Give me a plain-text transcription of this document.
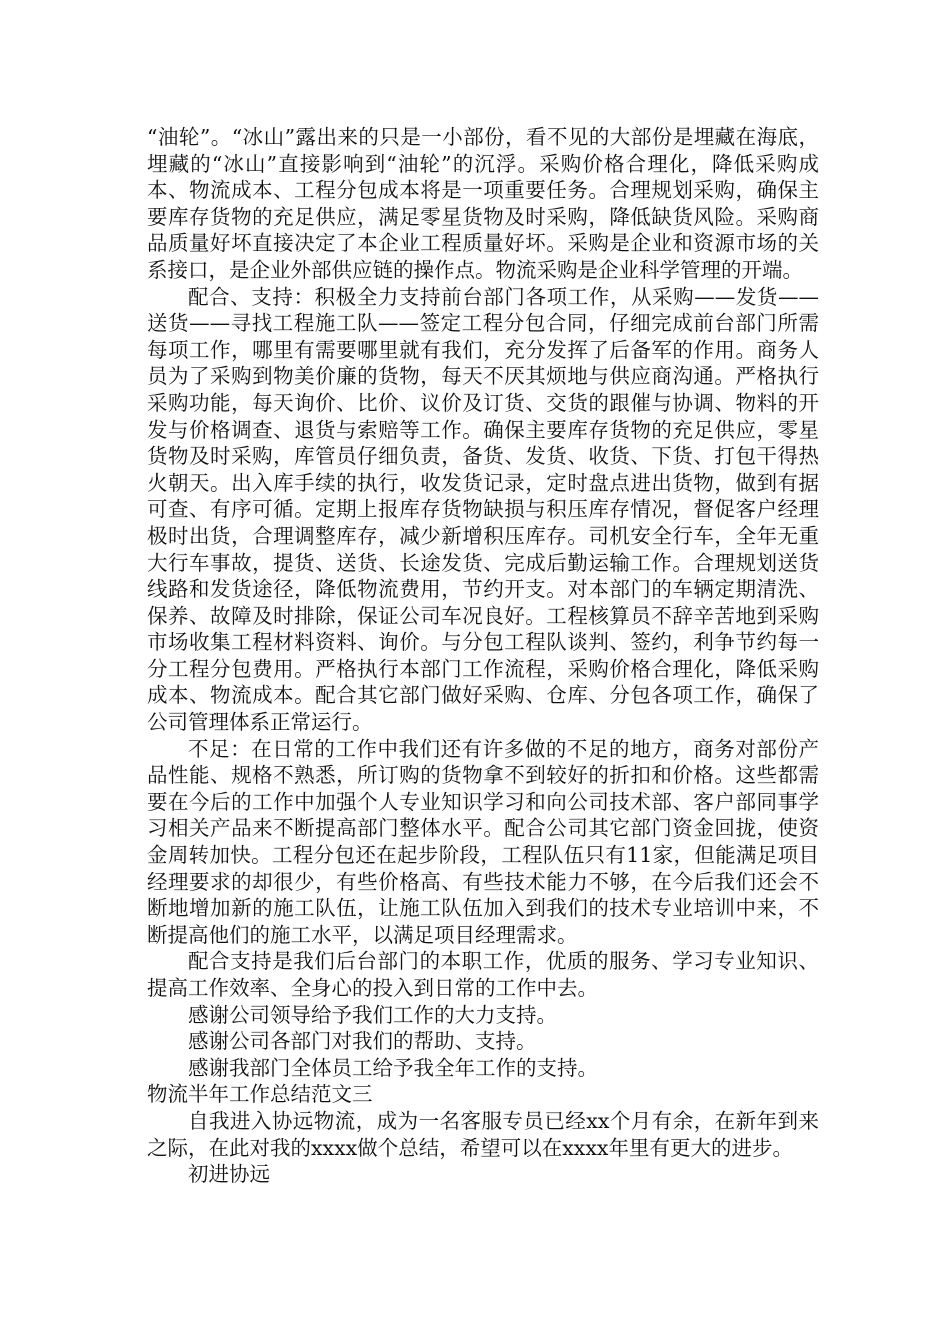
“油轮”。“冰山”露出来的只是一小部份，看不见的大部份是埋藏在海底，埋藏的“冰山”直接影响到“油轮”的沉浮。采购价格合理化，降低采购成本、物流成本、工程分包成本将是一项重要任务。合理规划采购，确保主要库存货物的充足供应，满足零星货物及时采购，降低缺货风险。采购商品质量好坏直接决定了本企业工程质量好坏。采购是企业和资源市场的关系接口，是企业外部供应链的操作点。物流采购是企业科学管理的开端。

配合、支持：积极全力支持前台部门各项工作，从采购——发货——送货——寻找工程施工队——签定工程分包合同，仔细完成前台部门所需每项工作，哪里有需要哪里就有我们，充分发挥了后备军的作用。商务人员为了采购到物美价廉的货物，每天不厌其烦地与供应商沟通。严格执行采购功能，每天询价、比价、议价及订货、交货的跟催与协调、物料的开发与价格调查、退货与索赔等工作。确保主要库存货物的充足供应，零星货物及时采购，库管员仔细负责，备货、发货、收货、下货、打包干得热火朝天。出入库手续的执行，收发货记录，定时盘点进出货物，做到有据可查、有序可循。定期上报库存货物缺损与积压库存情况，督促客户经理极时出货，合理调整库存，减少新增积压库存。司机安全行车，全年无重大行车事故，提货、送货、长途发货、完成后勤运输工作。合理规划送货线路和发货途径，降低物流费用，节约开支。对本部门的车辆定期清洗、保养、故障及时排除，保证公司车况良好。工程核算员不辞辛苦地到采购市场收集工程材料资料、询价。与分包工程队谈判、签约，利争节约每一分工程分包费用。严格执行本部门工作流程，采购价格合理化，降低采购成本、物流成本。配合其它部门做好采购、仓库、分包各项工作，确保了公司管理体系正常运行。

不足：在日常的工作中我们还有许多做的不足的地方，商务对部份产品性能、规格不熟悉，所订购的货物拿不到较好的折扣和价格。这些都需要在今后的工作中加强个人专业知识学习和向公司技术部、客户部同事学习相关产品来不断提高部门整体水平。配合公司其它部门资金回拢，使资金周转加快。工程分包还在起步阶段，工程队伍只有11家，但能满足项目经理要求的却很少，有些价格高、有些技术能力不够，在今后我们还会不断地增加新的施工队伍，让施工队伍加入到我们的技术专业培训中来，不断提高他们的施工水平，以满足项目经理需求。

配合支持是我们后台部门的本职工作，优质的服务、学习专业知识、提高工作效率、全身心的投入到日常的工作中去。

感谢公司领导给予我们工作的大力支持。

感谢公司各部门对我们的帮助、支持。

感谢我部门全体员工给予我全年工作的支持。

物流半年工作总结范文三

自我进入协远物流，成为一名客服专员已经xx个月有余，在新年到来之际，在此对我的xxxx做个总结，希望可以在xxxx年里有更大的进步。

初进协远
